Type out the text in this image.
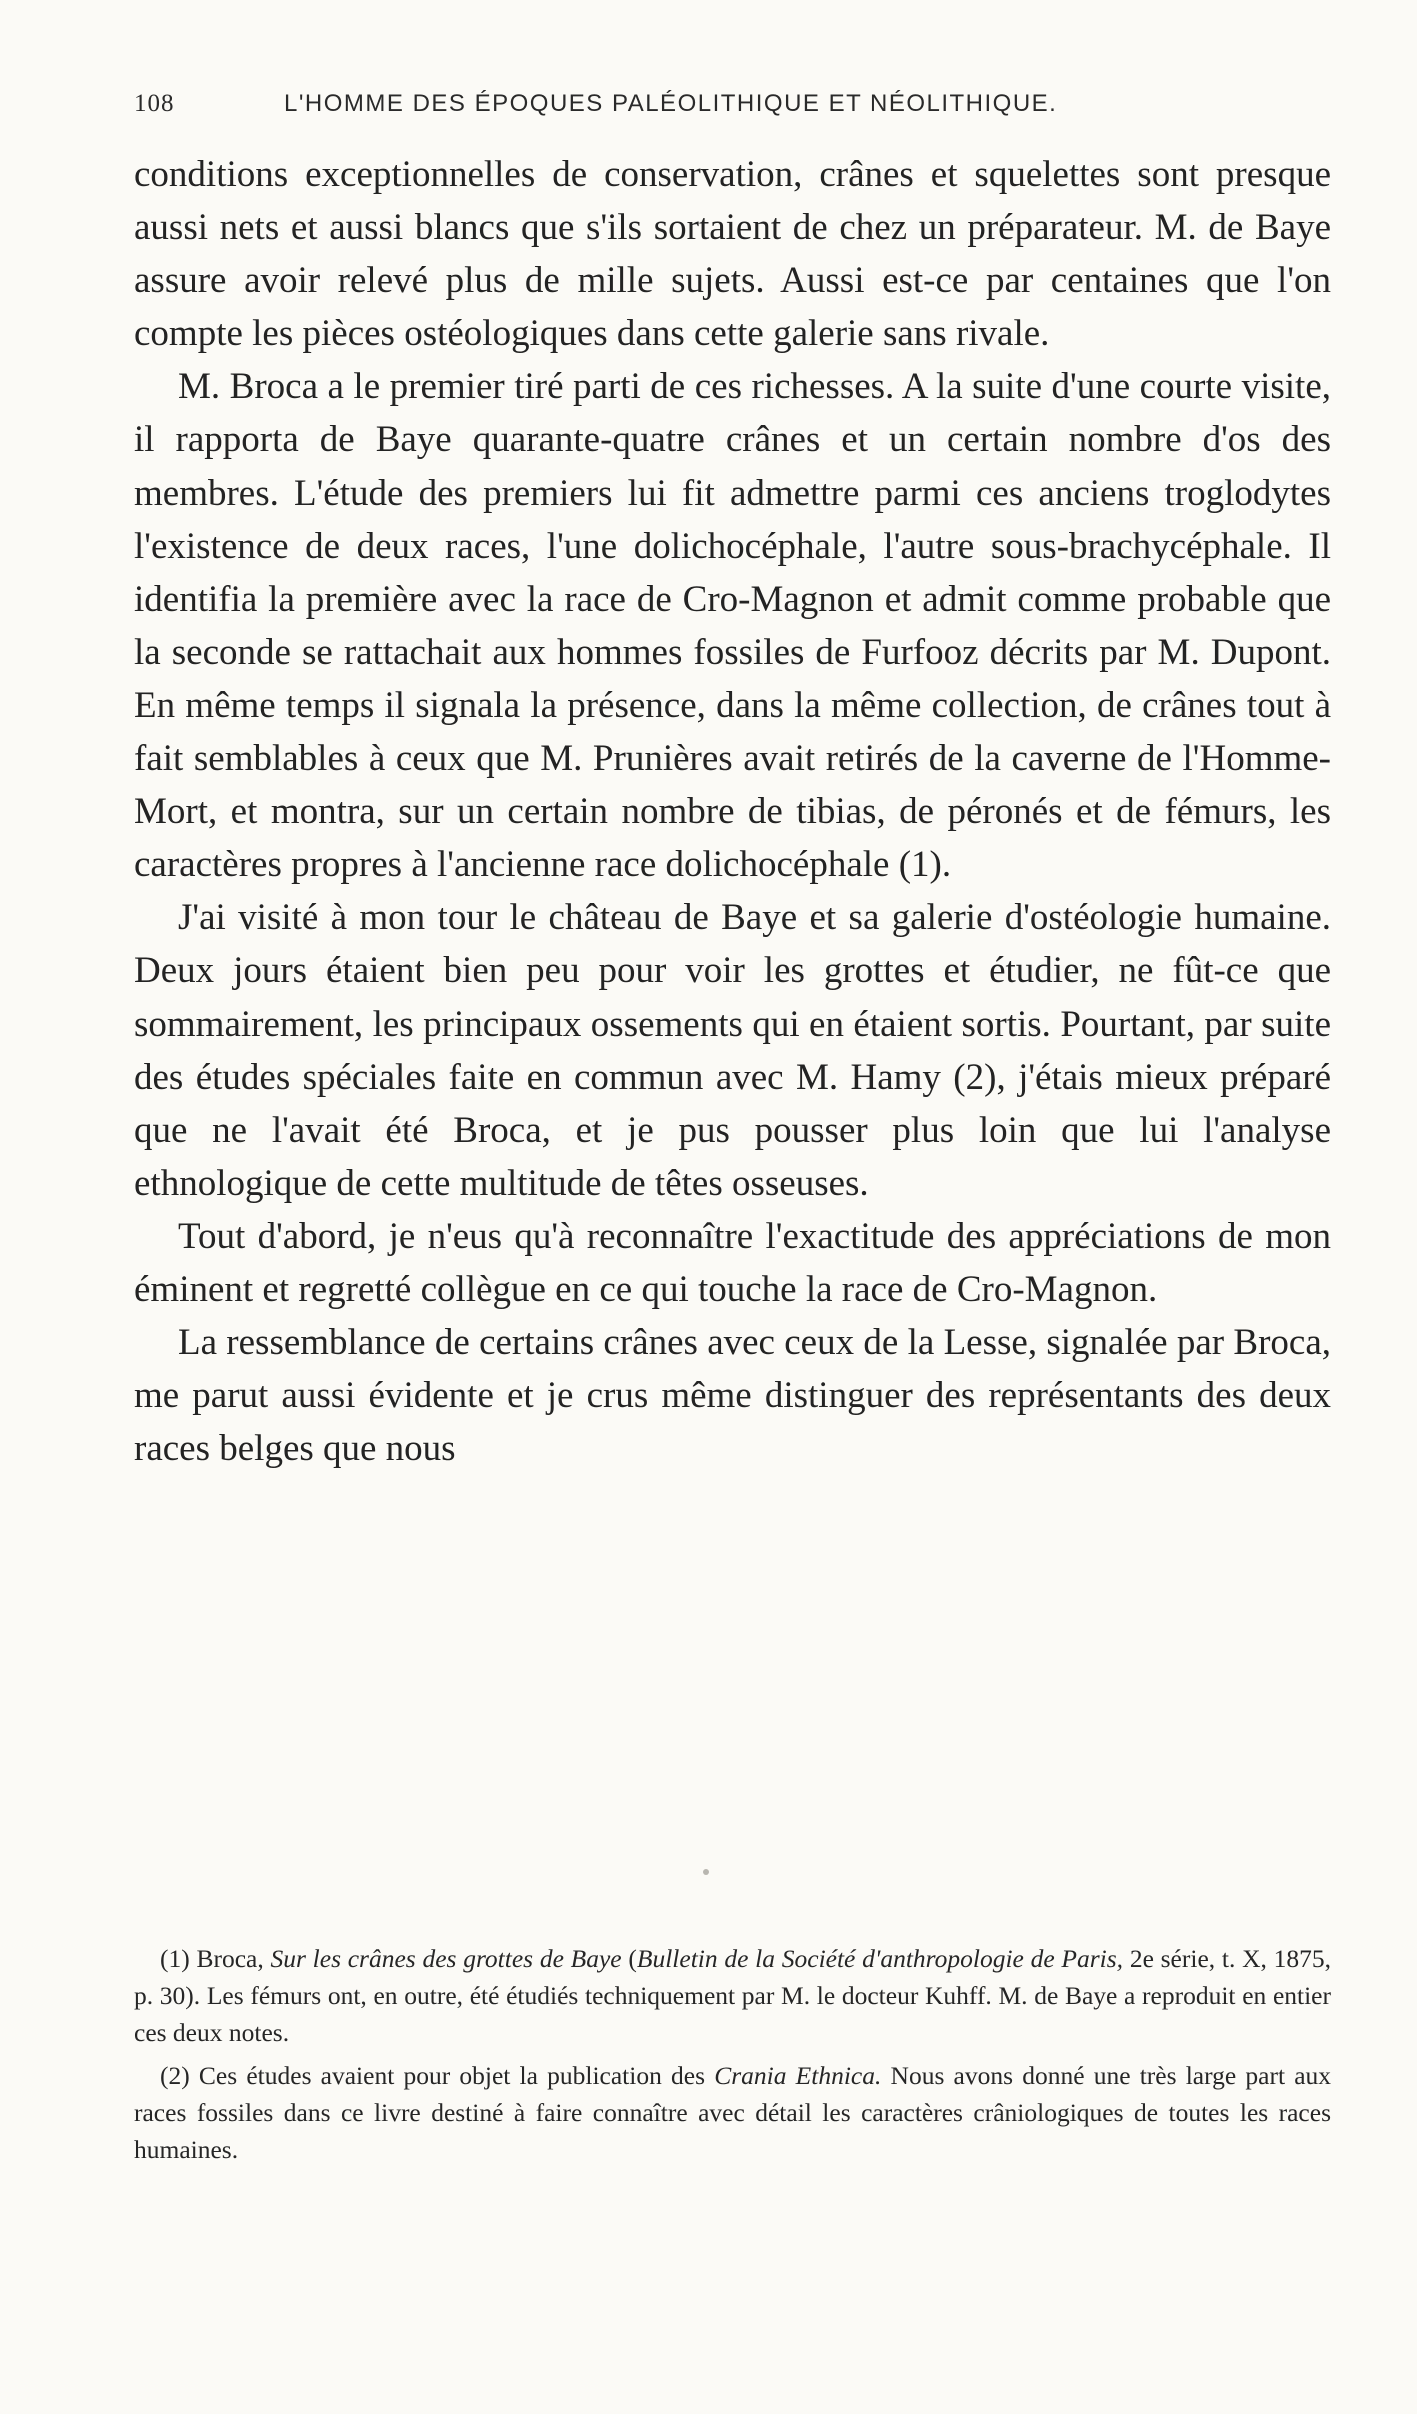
108	L'HOMME DES ÉPOQUES PALÉOLITHIQUE ET NÉOLITHIQUE.

conditions exceptionnelles de conservation, crânes et squelettes sont presque aussi nets et aussi blancs que s'ils sortaient de chez un préparateur. M. de Baye assure avoir relevé plus de mille sujets. Aussi est-ce par centaines que l'on compte les pièces ostéologiques dans cette galerie sans rivale.

M. Broca a le premier tiré parti de ces richesses. A la suite d'une courte visite, il rapporta de Baye quarante-quatre crânes et un certain nombre d'os des membres. L'étude des premiers lui fit admettre parmi ces anciens troglodytes l'existence de deux races, l'une dolichocéphale, l'autre sous-brachycéphale. Il identifia la première avec la race de Cro-Magnon et admit comme probable que la seconde se rattachait aux hommes fossiles de Furfooz décrits par M. Dupont. En même temps il signala la présence, dans la même collection, de crânes tout à fait semblables à ceux que M. Prunières avait retirés de la caverne de l'Homme-Mort, et montra, sur un certain nombre de tibias, de péronés et de fémurs, les caractères propres à l'ancienne race dolichocéphale (1).

J'ai visité à mon tour le château de Baye et sa galerie d'ostéologie humaine. Deux jours étaient bien peu pour voir les grottes et étudier, ne fût-ce que sommairement, les principaux ossements qui en étaient sortis. Pourtant, par suite des études spéciales faite en commun avec M. Hamy (2), j'étais mieux préparé que ne l'avait été Broca, et je pus pousser plus loin que lui l'analyse ethnologique de cette multitude de têtes osseuses.

Tout d'abord, je n'eus qu'à reconnaître l'exactitude des appréciations de mon éminent et regretté collègue en ce qui touche la race de Cro-Magnon.

La ressemblance de certains crânes avec ceux de la Lesse, signalée par Broca, me parut aussi évidente et je crus même distinguer des représentants des deux races belges que nous

(1) Broca, Sur les crânes des grottes de Baye (Bulletin de la Société d'anthropologie de Paris, 2e série, t. X, 1875, p. 30). Les fémurs ont, en outre, été étudiés techniquement par M. le docteur Kuhff. M. de Baye a reproduit en entier ces deux notes.

(2) Ces études avaient pour objet la publication des Crania Ethnica. Nous avons donné une très large part aux races fossiles dans ce livre destiné à faire connaître avec détail les caractères crâniologiques de toutes les races humaines.
